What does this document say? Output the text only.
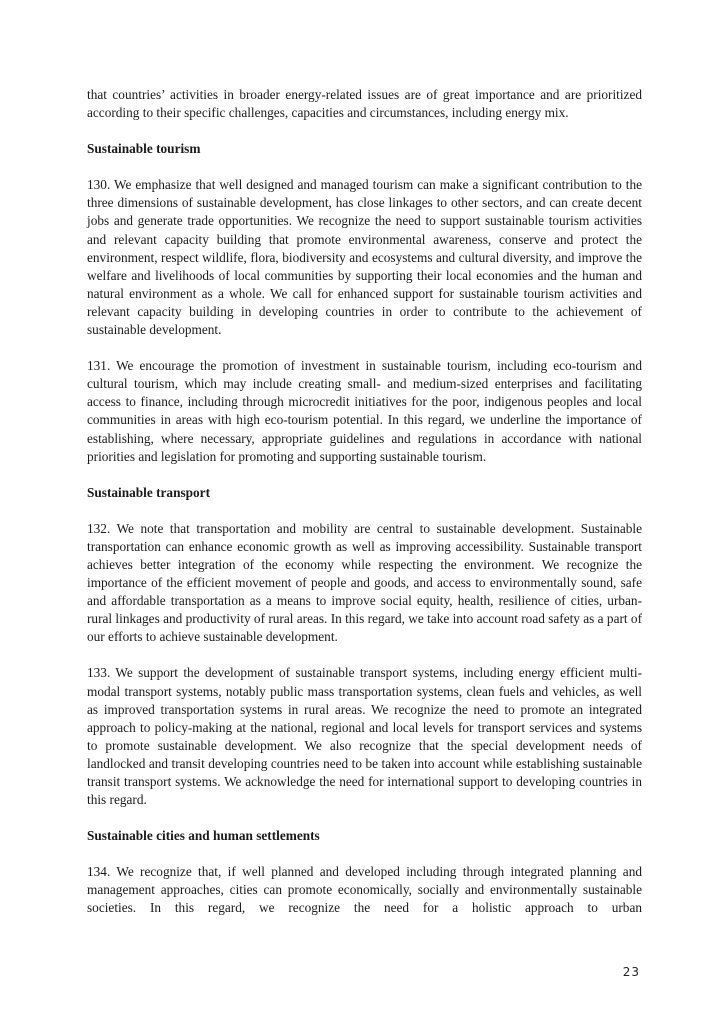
that countries’ activities in broader energy-related issues are of great importance and are prioritized according to their specific challenges, capacities and circumstances, including energy mix.

Sustainable tourism

130. We emphasize that well designed and managed tourism can make a significant contribution to the three dimensions of sustainable development, has close linkages to other sectors, and can create decent jobs and generate trade opportunities. We recognize the need to support sustainable tourism activities and relevant capacity building that promote environmental awareness, conserve and protect the environment, respect wildlife, flora, biodiversity and ecosystems and cultural diversity, and improve the welfare and livelihoods of local communities by supporting their local economies and the human and natural environment as a whole. We call for enhanced support for sustainable tourism activities and relevant capacity building in developing countries in order to contribute to the achievement of sustainable development.

131. We encourage the promotion of investment in sustainable tourism, including eco-tourism and cultural tourism, which may include creating small- and medium-sized enterprises and facilitating access to finance, including through microcredit initiatives for the poor, indigenous peoples and local communities in areas with high eco-tourism potential. In this regard, we underline the importance of establishing, where necessary, appropriate guidelines and regulations in accordance with national priorities and legislation for promoting and supporting sustainable tourism.

Sustainable transport

132. We note that transportation and mobility are central to sustainable development. Sustainable transportation can enhance economic growth as well as improving accessibility. Sustainable transport achieves better integration of the economy while respecting the environment. We recognize the importance of the efficient movement of people and goods, and access to environmentally sound, safe and affordable transportation as a means to improve social equity, health, resilience of cities, urban-rural linkages and productivity of rural areas. In this regard, we take into account road safety as a part of our efforts to achieve sustainable development.

133. We support the development of sustainable transport systems, including energy efficient multi-modal transport systems, notably public mass transportation systems, clean fuels and vehicles, as well as improved transportation systems in rural areas. We recognize the need to promote an integrated approach to policy-making at the national, regional and local levels for transport services and systems to promote sustainable development. We also recognize that the special development needs of landlocked and transit developing countries need to be taken into account while establishing sustainable transit transport systems. We acknowledge the need for international support to developing countries in this regard.

Sustainable cities and human settlements

134. We recognize that, if well planned and developed including through integrated planning and management approaches, cities can promote economically, socially and environmentally sustainable societies. In this regard, we recognize the need for a holistic approach to urban

23
